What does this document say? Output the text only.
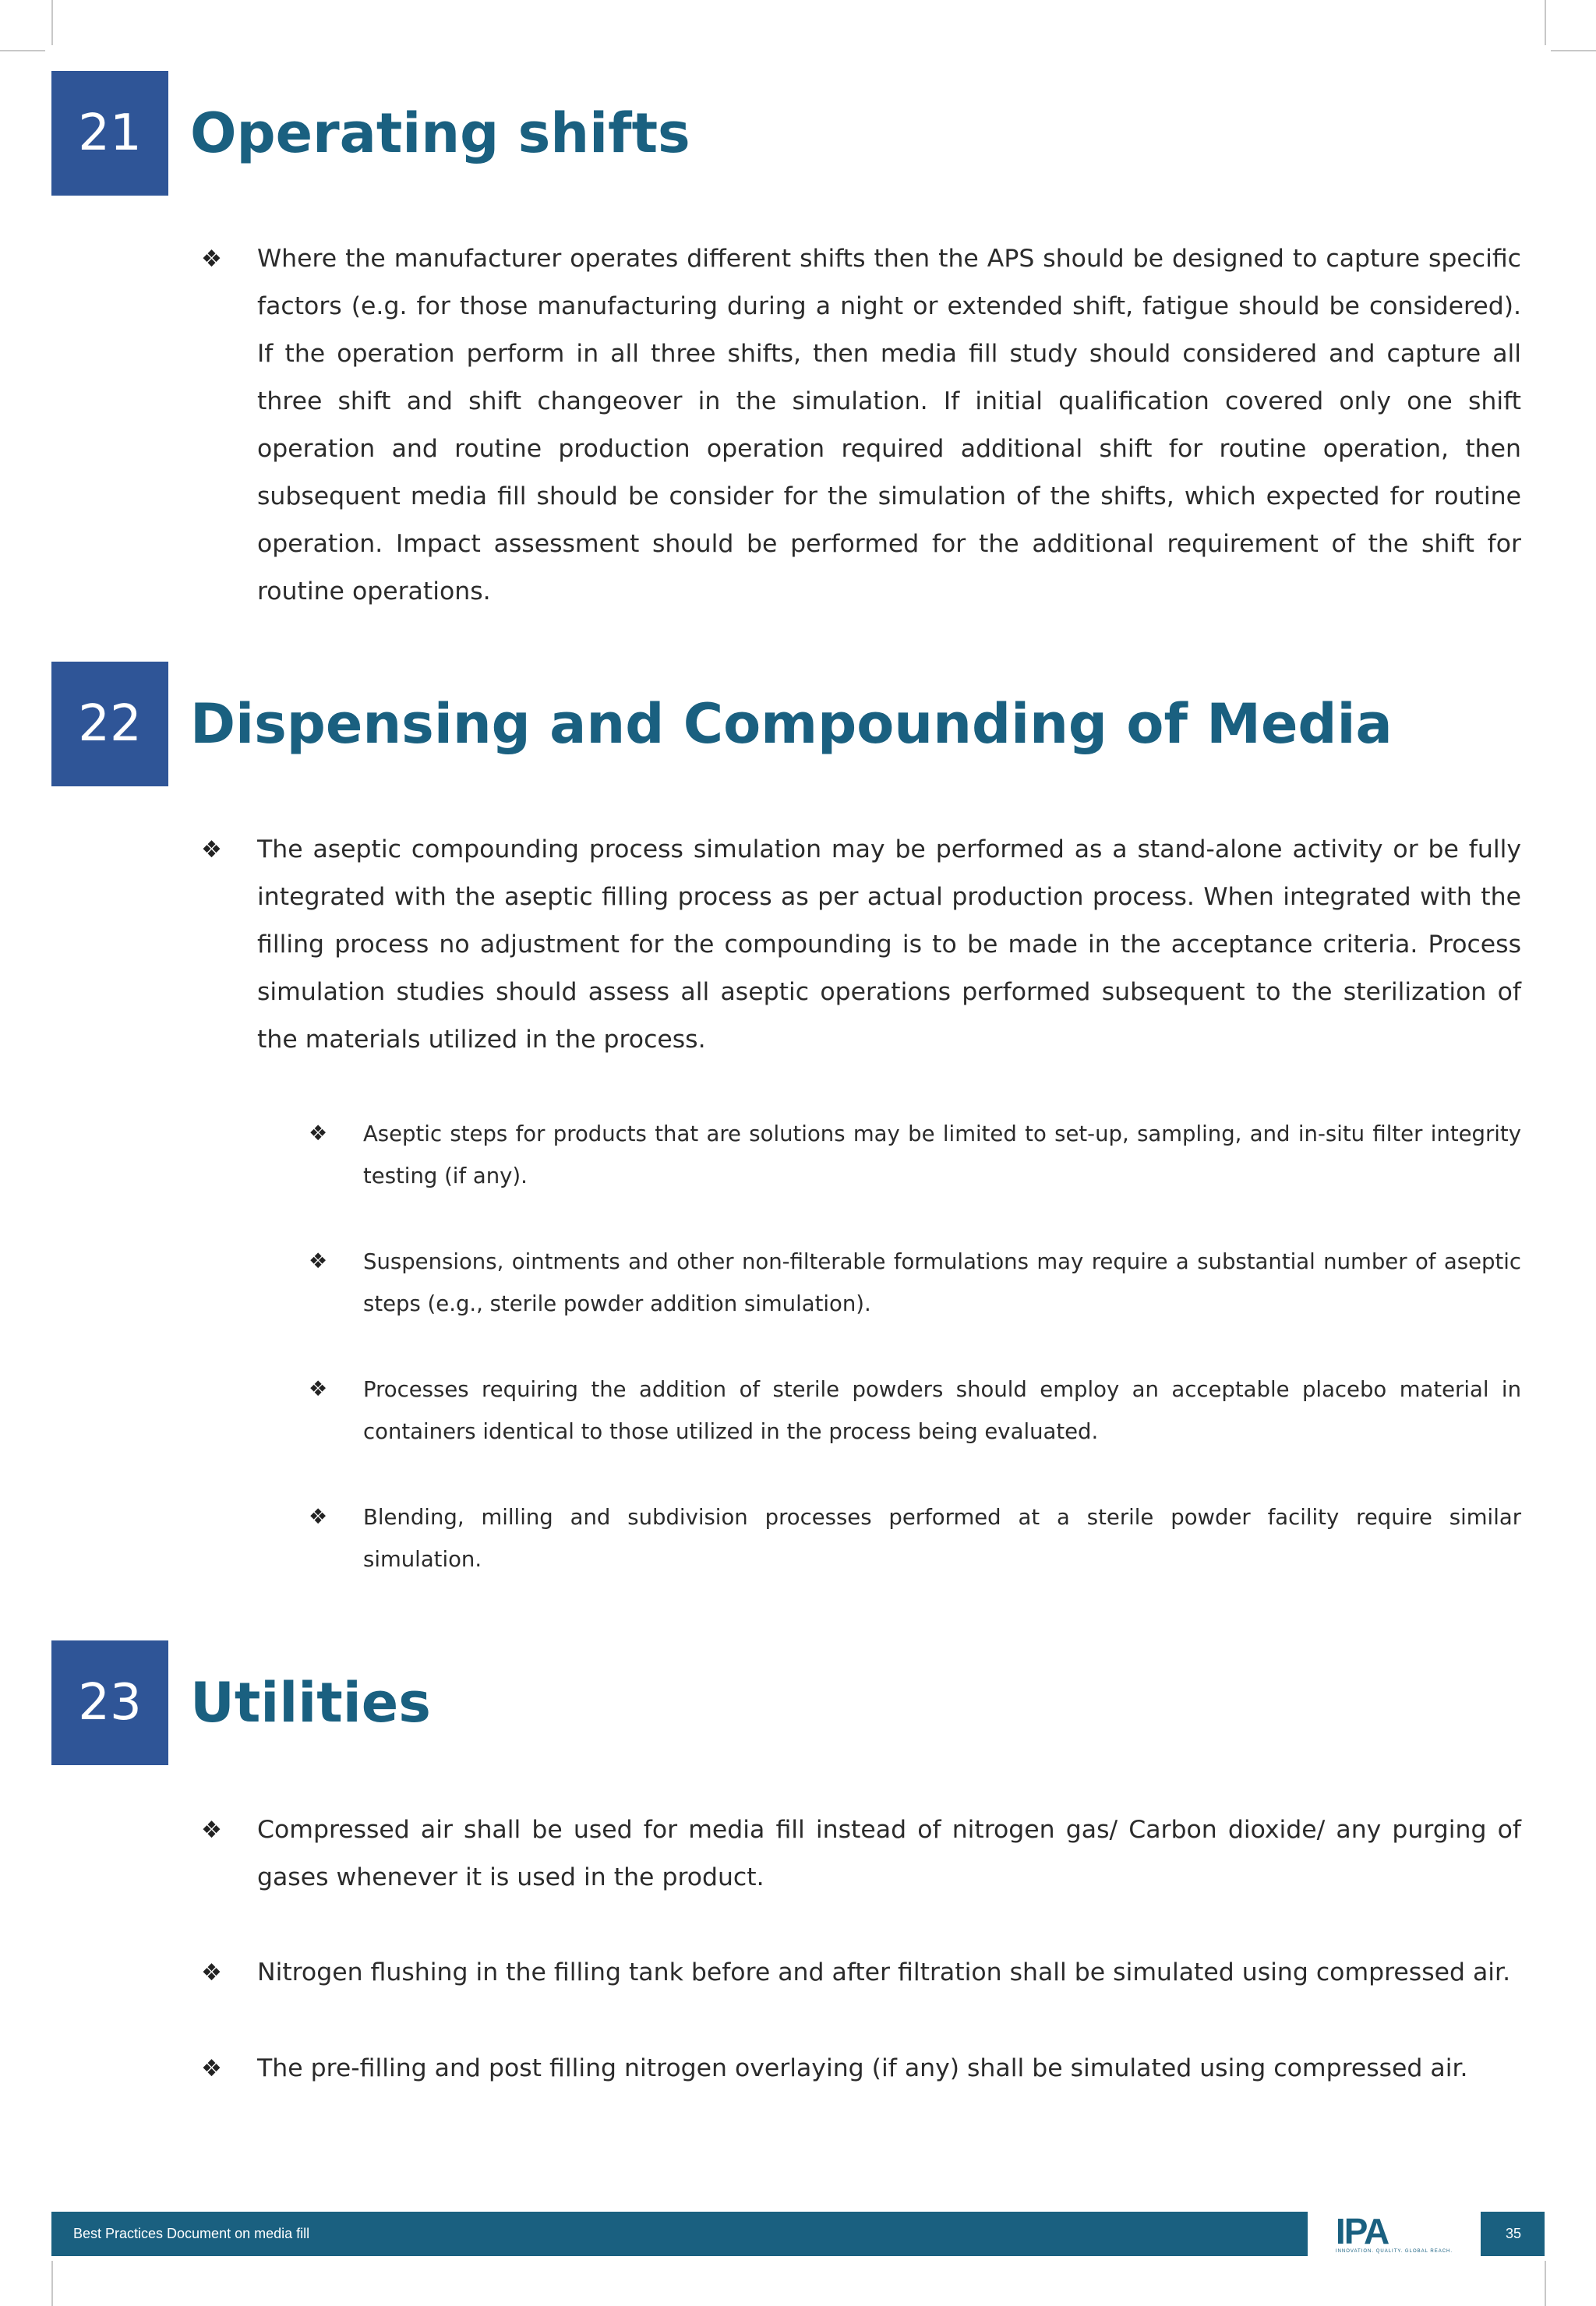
21 Operating shifts
❖ Where the manufacturer operates different shifts then the APS should be designed to capture specific factors (e.g. for those manufacturing during a night or extended shift, fatigue should be considered). If the operation perform in all three shifts, then media fill study should considered and capture all three shift and shift changeover in the simulation. If initial qualification covered only one shift operation and routine production operation required additional shift for routine operation, then subsequent media fill should be consider for the simulation of the shifts, which expected for routine operation. Impact assessment should be performed for the additional requirement of the shift for routine operations.
22 Dispensing and Compounding of Media
❖ The aseptic compounding process simulation may be performed as a stand-alone activity or be fully integrated with the aseptic filling process as per actual production process. When integrated with the filling process no adjustment for the compounding is to be made in the acceptance criteria. Process simulation studies should assess all aseptic operations performed subsequent to the sterilization of the materials utilized in the process.
❖ Aseptic steps for products that are solutions may be limited to set-up, sampling, and in-situ filter integrity testing (if any).
❖ Suspensions, ointments and other non-filterable formulations may require a substantial number of aseptic steps (e.g., sterile powder addition simulation).
❖ Processes requiring the addition of sterile powders should employ an acceptable placebo material in containers identical to those utilized in the process being evaluated.
❖ Blending, milling and subdivision processes performed at a sterile powder facility require similar simulation.
23 Utilities
❖ Compressed air shall be used for media fill instead of nitrogen gas/ Carbon dioxide/ any purging of gases whenever it is used in the product.
❖ Nitrogen flushing in the filling tank before and after filtration shall be simulated using compressed air.
❖ The pre-filling and post filling nitrogen overlaying (if any) shall be simulated using compressed air.
Best Practices Document on media fill	IPA
INNOVATION. QUALITY. GLOBAL REACH.
35
